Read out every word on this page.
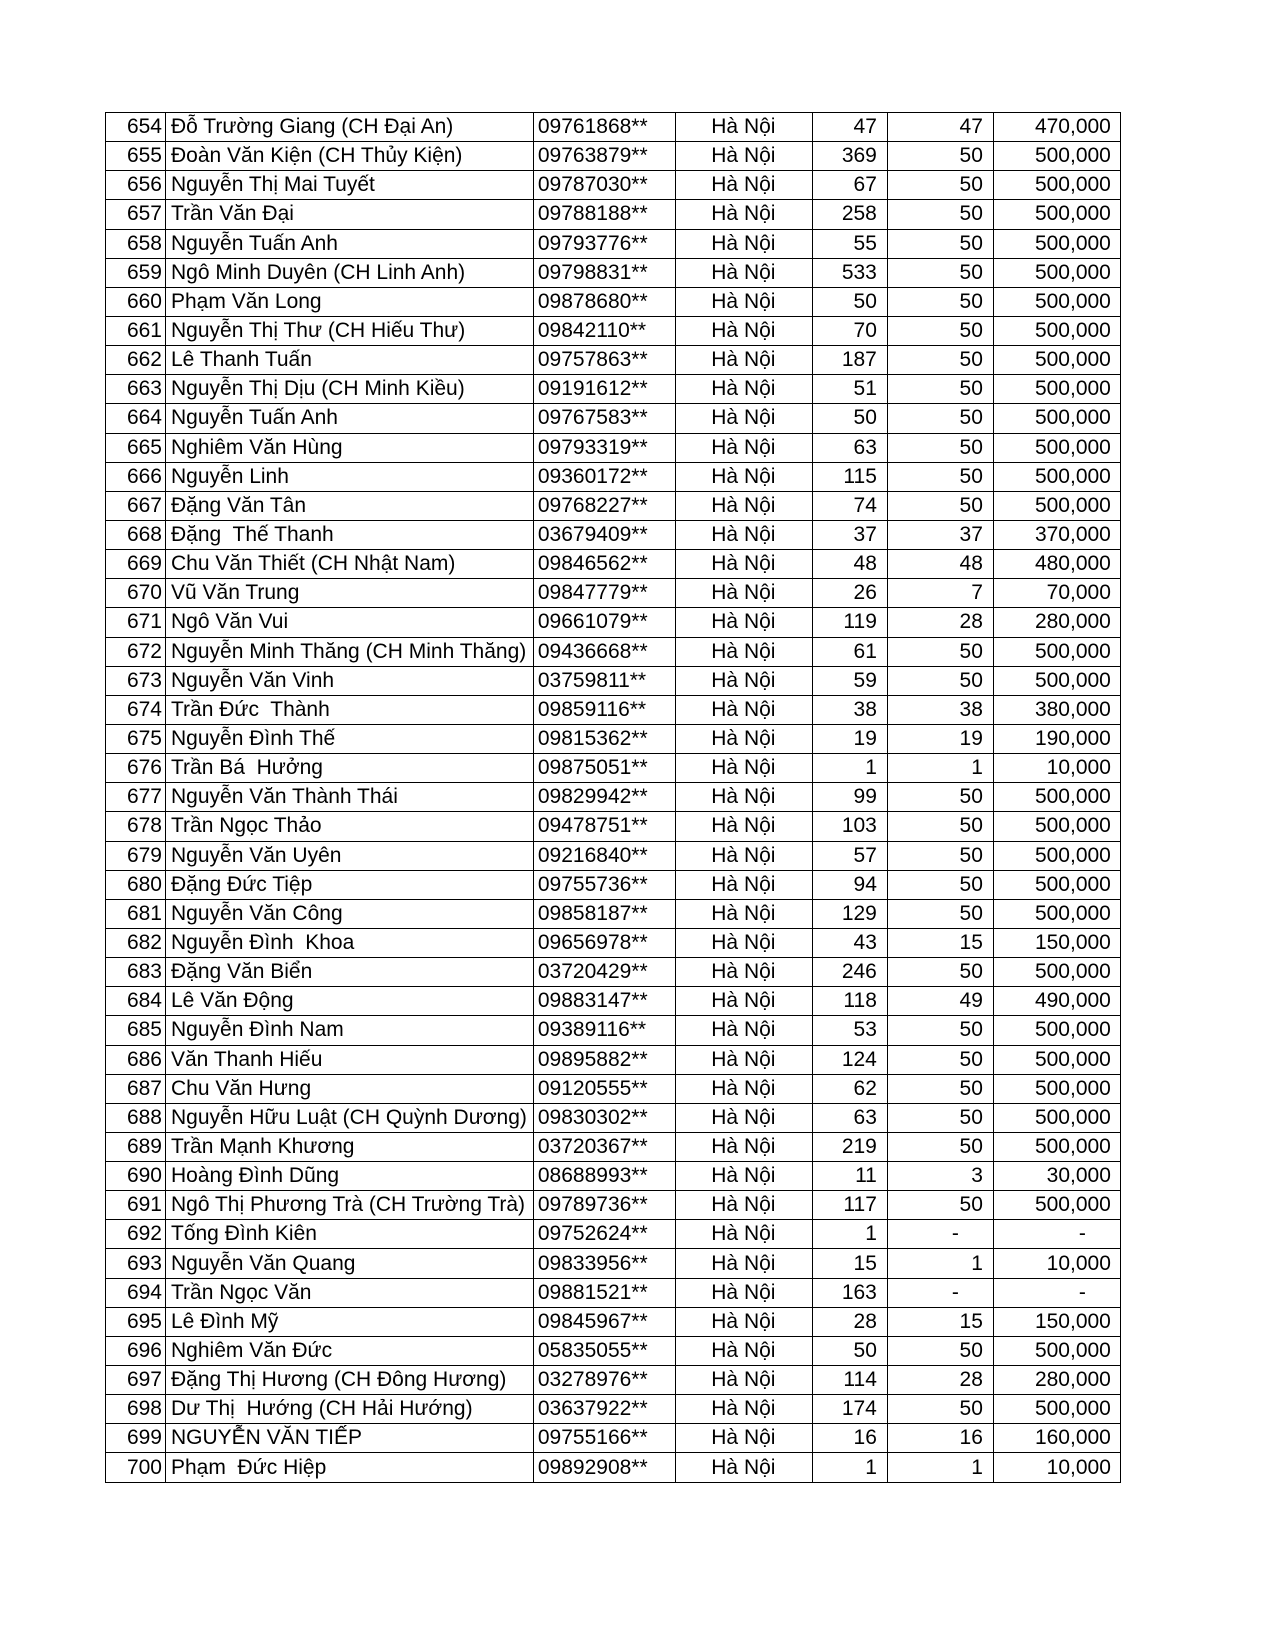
654	Đỗ Trường Giang (CH Đại An)	09761868**	Hà Nội	47	47	470,000
655	Đoàn Văn Kiện (CH Thủy Kiện)	09763879**	Hà Nội	369	50	500,000
656	Nguyễn Thị Mai Tuyết	09787030**	Hà Nội	67	50	500,000
657	Trần Văn Đại	09788188**	Hà Nội	258	50	500,000
658	Nguyễn Tuấn Anh	09793776**	Hà Nội	55	50	500,000
659	Ngô Minh Duyên (CH Linh Anh)	09798831**	Hà Nội	533	50	500,000
660	Phạm Văn Long	09878680**	Hà Nội	50	50	500,000
661	Nguyễn Thị Thư (CH Hiếu Thư)	09842110**	Hà Nội	70	50	500,000
662	Lê Thanh Tuấn	09757863**	Hà Nội	187	50	500,000
663	Nguyễn Thị Dịu (CH Minh Kiều)	09191612**	Hà Nội	51	50	500,000
664	Nguyễn Tuấn Anh	09767583**	Hà Nội	50	50	500,000
665	Nghiêm Văn Hùng	09793319**	Hà Nội	63	50	500,000
666	Nguyễn Linh	09360172**	Hà Nội	115	50	500,000
667	Đặng Văn Tân	09768227**	Hà Nội	74	50	500,000
668	Đặng  Thế Thanh	03679409**	Hà Nội	37	37	370,000
669	Chu Văn Thiết (CH Nhật Nam)	09846562**	Hà Nội	48	48	480,000
670	Vũ Văn Trung	09847779**	Hà Nội	26	7	70,000
671	Ngô Văn Vui	09661079**	Hà Nội	119	28	280,000
672	Nguyễn Minh Thăng (CH Minh Thăng)	09436668**	Hà Nội	61	50	500,000
673	Nguyễn Văn Vinh	03759811**	Hà Nội	59	50	500,000
674	Trần Đức  Thành	09859116**	Hà Nội	38	38	380,000
675	Nguyễn Đình Thế	09815362**	Hà Nội	19	19	190,000
676	Trần Bá  Hưởng	09875051**	Hà Nội	1	1	10,000
677	Nguyễn Văn Thành Thái	09829942**	Hà Nội	99	50	500,000
678	Trần Ngọc Thảo	09478751**	Hà Nội	103	50	500,000
679	Nguyễn Văn Uyên	09216840**	Hà Nội	57	50	500,000
680	Đặng Đức Tiệp	09755736**	Hà Nội	94	50	500,000
681	Nguyễn Văn Công	09858187**	Hà Nội	129	50	500,000
682	Nguyễn Đình  Khoa	09656978**	Hà Nội	43	15	150,000
683	Đặng Văn Biển	03720429**	Hà Nội	246	50	500,000
684	Lê Văn Động	09883147**	Hà Nội	118	49	490,000
685	Nguyễn Đình Nam	09389116**	Hà Nội	53	50	500,000
686	Văn Thanh Hiếu	09895882**	Hà Nội	124	50	500,000
687	Chu Văn Hưng	09120555**	Hà Nội	62	50	500,000
688	Nguyễn Hữu Luật (CH Quỳnh Dương)	09830302**	Hà Nội	63	50	500,000
689	Trần Mạnh Khương	03720367**	Hà Nội	219	50	500,000
690	Hoàng Đình Dũng	08688993**	Hà Nội	11	3	30,000
691	Ngô Thị Phương Trà (CH Trường Trà)	09789736**	Hà Nội	117	50	500,000
692	Tống Đình Kiên	09752624**	Hà Nội	1	-	-
693	Nguyễn Văn Quang	09833956**	Hà Nội	15	1	10,000
694	Trần Ngọc Văn	09881521**	Hà Nội	163	-	-
695	Lê Đình Mỹ	09845967**	Hà Nội	28	15	150,000
696	Nghiêm Văn Đức	05835055**	Hà Nội	50	50	500,000
697	Đặng Thị Hương (CH Đông Hương)	03278976**	Hà Nội	114	28	280,000
698	Dư Thị  Hướng (CH Hải Hướng)	03637922**	Hà Nội	174	50	500,000
699	NGUYỄN VĂN TIẾP	09755166**	Hà Nội	16	16	160,000
700	Phạm  Đức Hiệp	09892908**	Hà Nội	1	1	10,000
